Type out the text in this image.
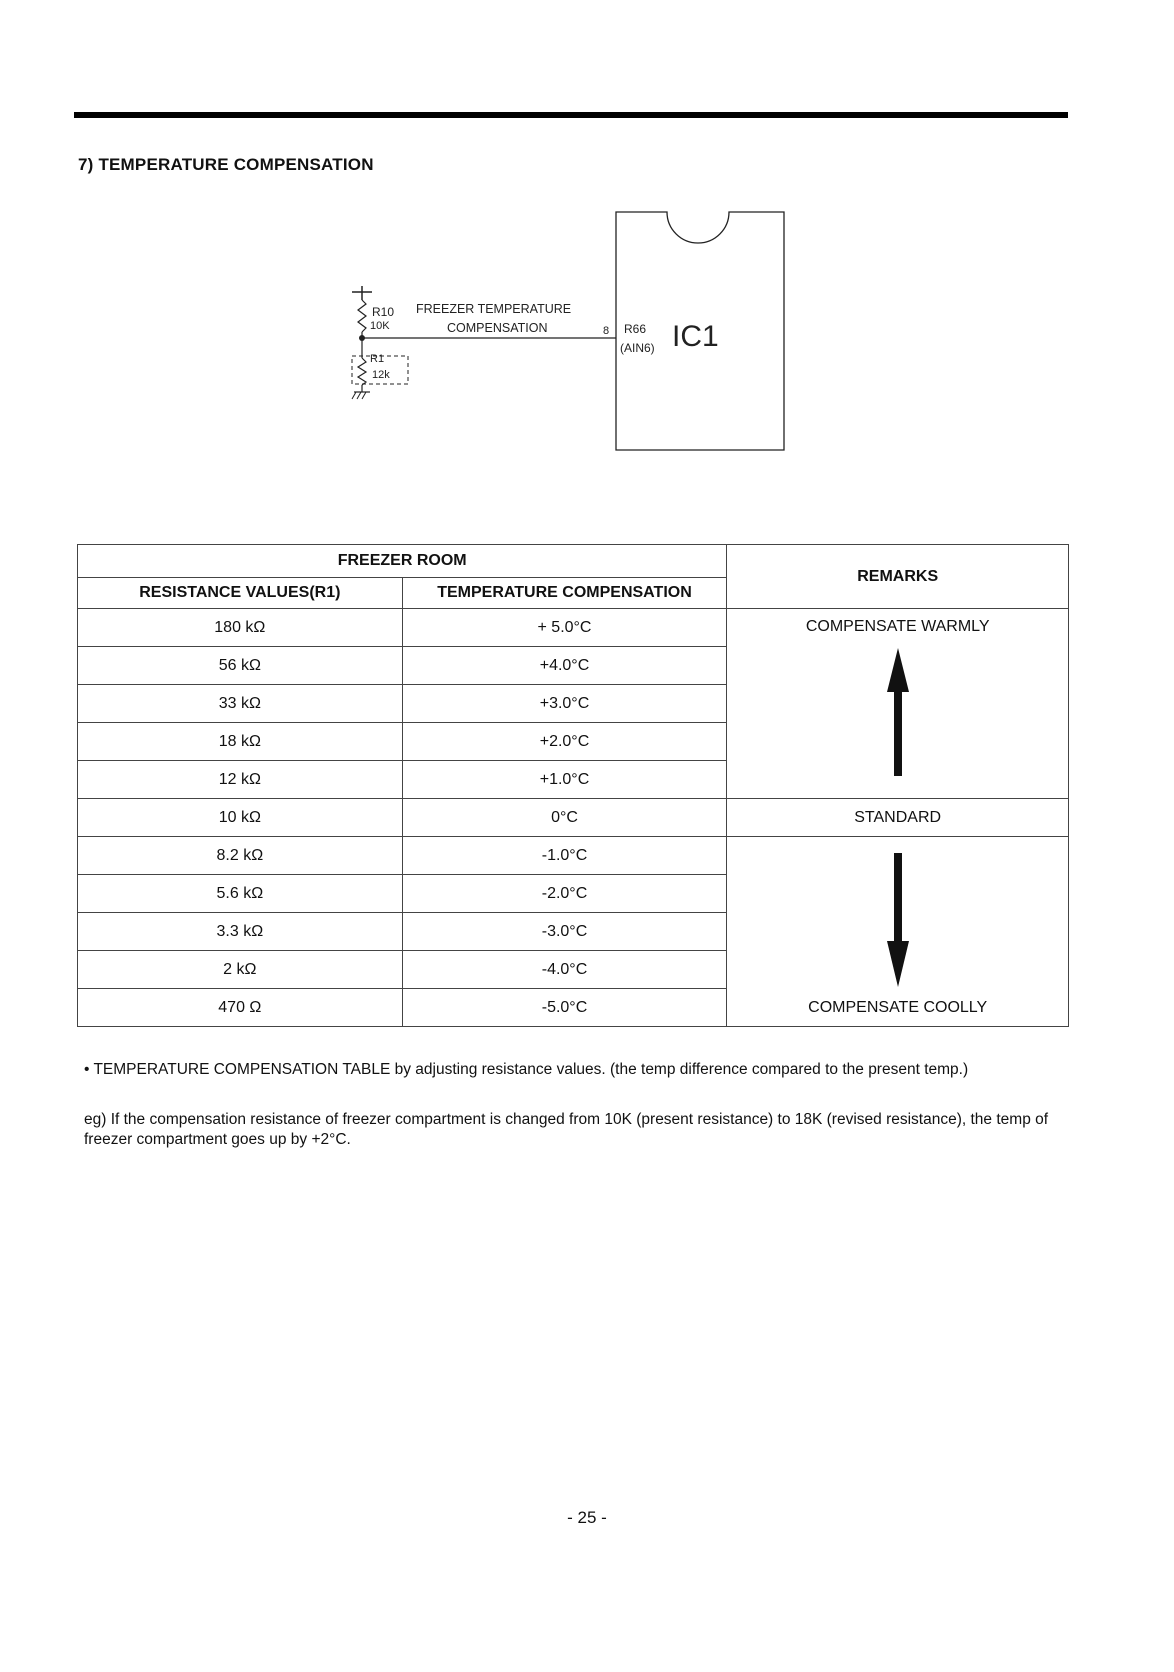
7) TEMPERATURE COMPENSATION
R10
10K
FREEZER TEMPERATURE
COMPENSATION	8 R66
(AIN6) IC1
R1
12k
FREEZER ROOM		REMARKS
RESISTANCE VALUES(R1)	TEMPERATURE COMPENSATION	
180 kΩ	+ 5.0°C	COMPENSATE WARMLY

56 kΩ	+4.0°C	
33 kΩ	+3.0°C	
18 kΩ	+2.0°C	
12 kΩ	+1.0°C	
10 kΩ	0°C	STANDARD
8.2 kΩ	-1.0°C	COMPENSATE COOLLY

5.6 kΩ	-2.0°C	
3.3 kΩ	-3.0°C	
2 kΩ	-4.0°C	
470 Ω	-5.0°C	
• TEMPERATURE COMPENSATION TABLE by adjusting resistance values. (the temp difference compared to the present temp.)
eg) If the compensation resistance of freezer compartment is changed from 10K (present resistance) to 18K (revised resistance), the temp of freezer compartment goes up by +2°C.
- 25 -
